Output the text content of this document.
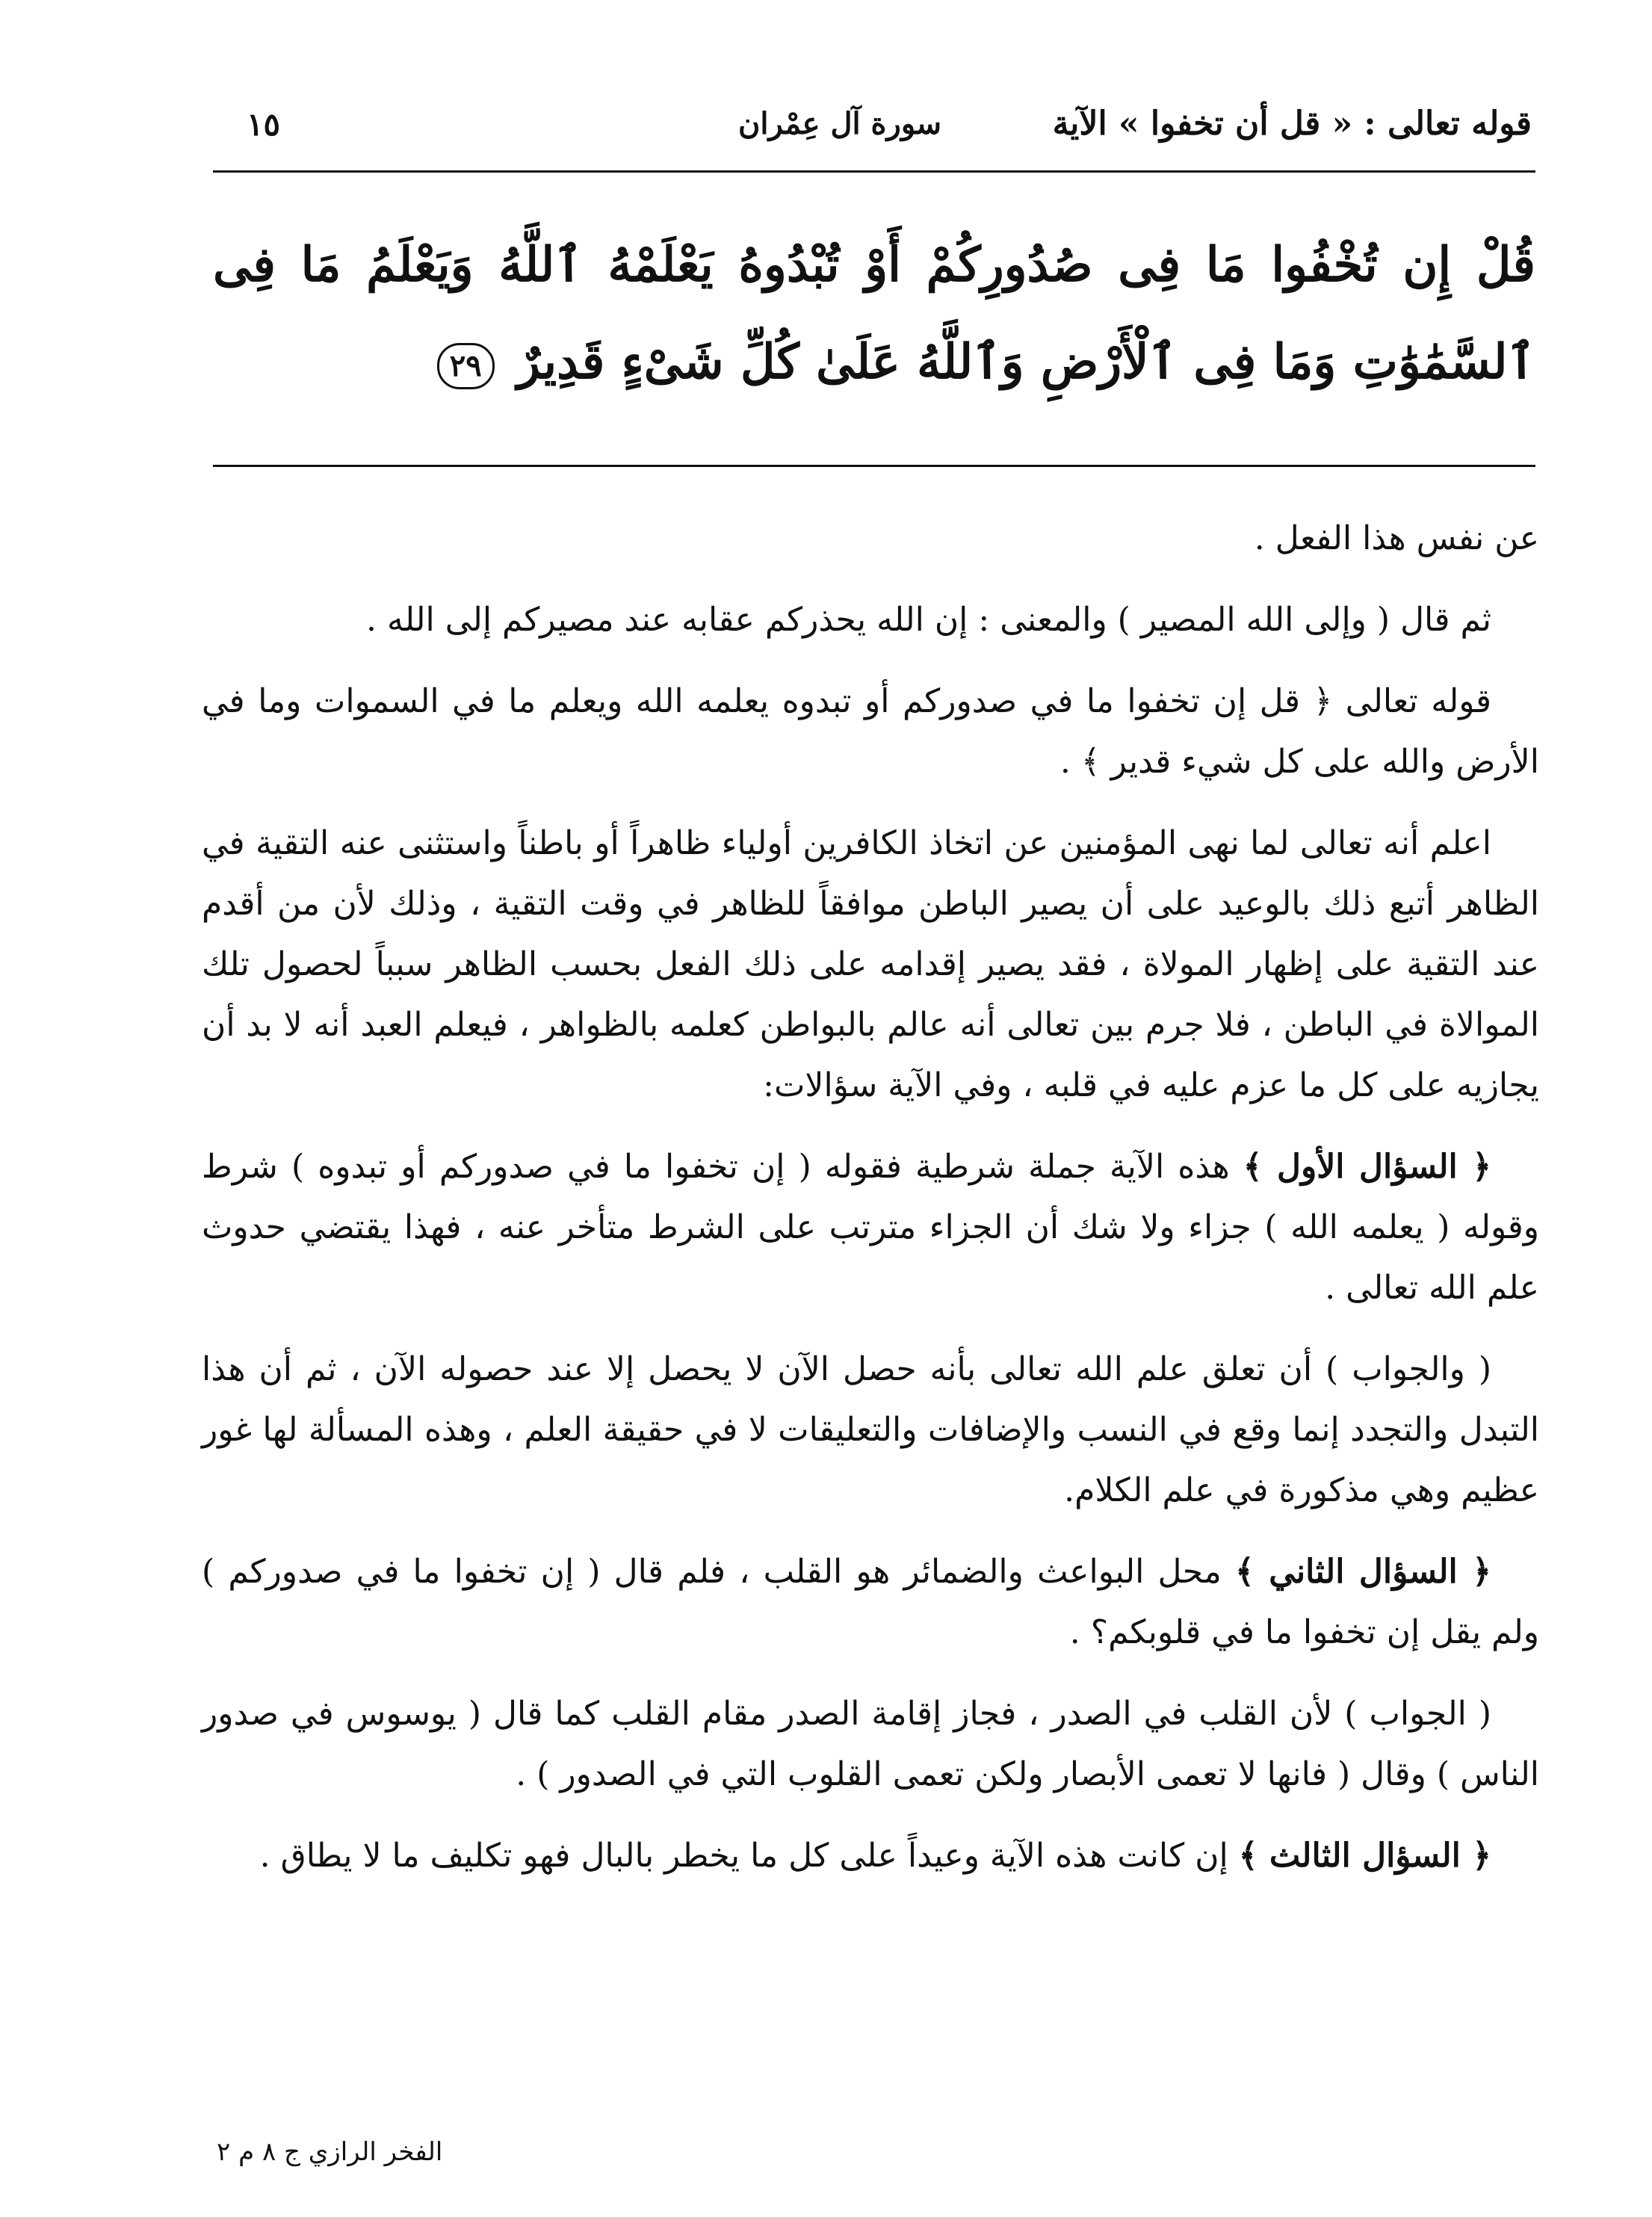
قوله تعالى : « قل أن تخفوا » الآية
سورة آل عِمْران
١٥
قُلْ إِن تُخْفُوا مَا فِى صُدُورِكُمْ أَوْ تُبْدُوهُ يَعْلَمْهُ ٱللَّهُ وَيَعْلَمُ مَا فِى ٱلسَّمَٰوَٰتِ وَمَا فِى ٱلْأَرْضِ وَٱللَّهُ عَلَىٰ كُلِّ شَىْءٍ قَدِيرٌ ٢٩

عن نفس هذا الفعل .

ثم قال ( وإلى الله المصير ) والمعنى : إن الله يحذركم عقابه عند مصيركم إلى الله .

قوله تعالى ﴿ قل إن تخفوا ما في صدوركم أو تبدوه يعلمه الله ويعلم ما في السموات وما في الأرض والله على كل شيء قدير ﴾ .

اعلم أنه تعالى لما نهى المؤمنين عن اتخاذ الكافرين أولياء ظاهراً أو باطناً واستثنى عنه التقية في الظاهر أتبع ذلك بالوعيد على أن يصير الباطن موافقاً للظاهر في وقت التقية ، وذلك لأن من أقدم عند التقية على إظهار المولاة ، فقد يصير إقدامه على ذلك الفعل بحسب الظاهر سبباً لحصول تلك الموالاة في الباطن ، فلا جرم بين تعالى أنه عالم بالبواطن كعلمه بالظواهر ، فيعلم العبد أنه لا بد أن يجازيه على كل ما عزم عليه في قلبه ، وفي الآية سؤالات:

﴿ السؤال الأول ﴾ هذه الآية جملة شرطية فقوله ( إن تخفوا ما في صدوركم أو تبدوه ) شرط وقوله ( يعلمه الله ) جزاء ولا شك أن الجزاء مترتب على الشرط متأخر عنه ، فهذا يقتضي حدوث علم الله تعالى .

( والجواب ) أن تعلق علم الله تعالى بأنه حصل الآن لا يحصل إلا عند حصوله الآن ، ثم أن هذا التبدل والتجدد إنما وقع في النسب والإضافات والتعليقات لا في حقيقة العلم ، وهذه المسألة لها غور عظيم وهي مذكورة في علم الكلام.

﴿ السؤال الثاني ﴾ محل البواعث والضمائر هو القلب ، فلم قال ( إن تخفوا ما في صدوركم ) ولم يقل إن تخفوا ما في قلوبكم؟ .

( الجواب ) لأن القلب في الصدر ، فجاز إقامة الصدر مقام القلب كما قال ( يوسوس في صدور الناس ) وقال ( فانها لا تعمى الأبصار ولكن تعمى القلوب التي في الصدور ) .

﴿ السؤال الثالث ﴾ إن كانت هذه الآية وعيداً على كل ما يخطر بالبال فهو تكليف ما لا يطاق .

الفخر الرازي ج ٨ م ٢
